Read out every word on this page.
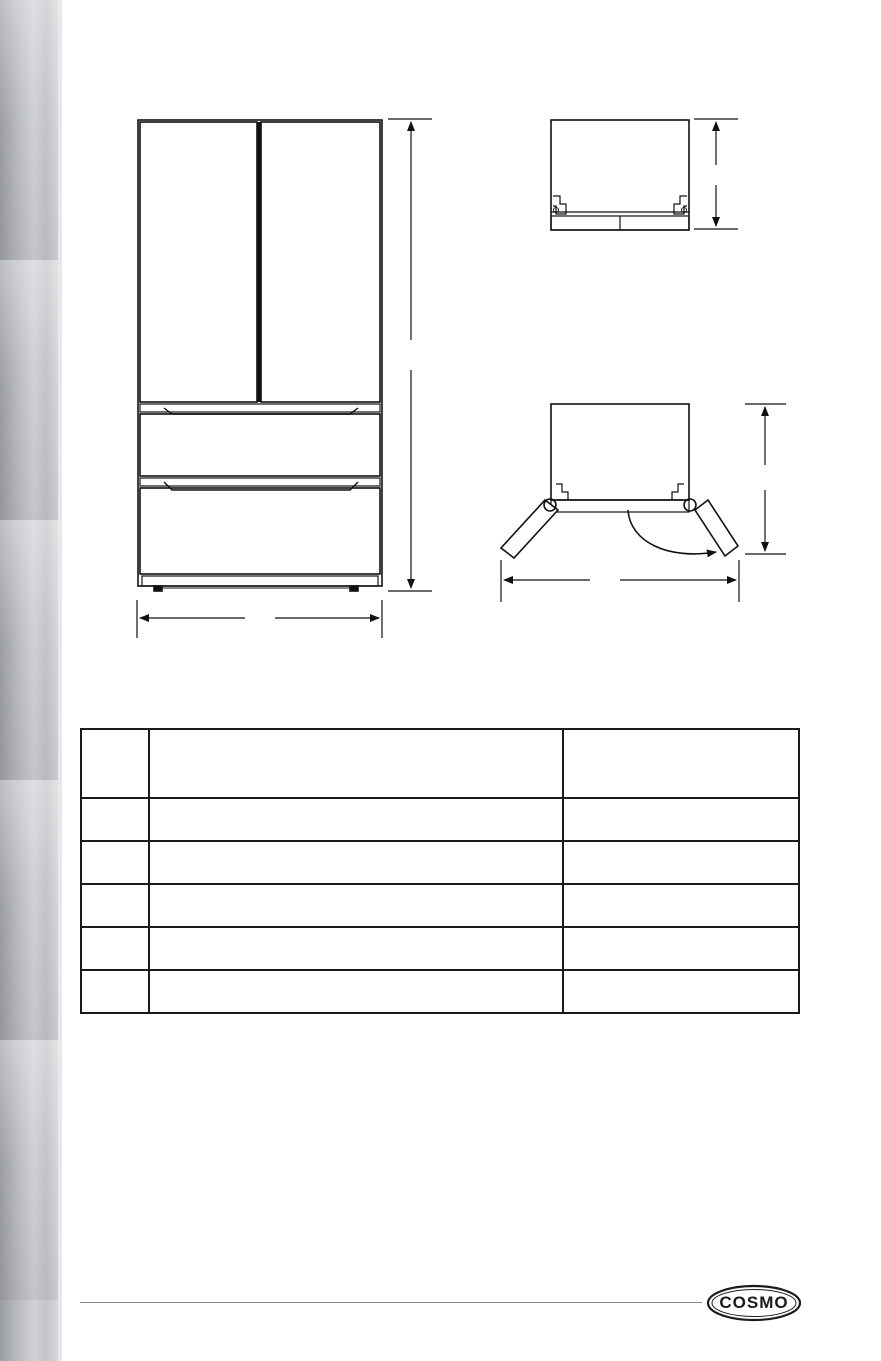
COSMO
